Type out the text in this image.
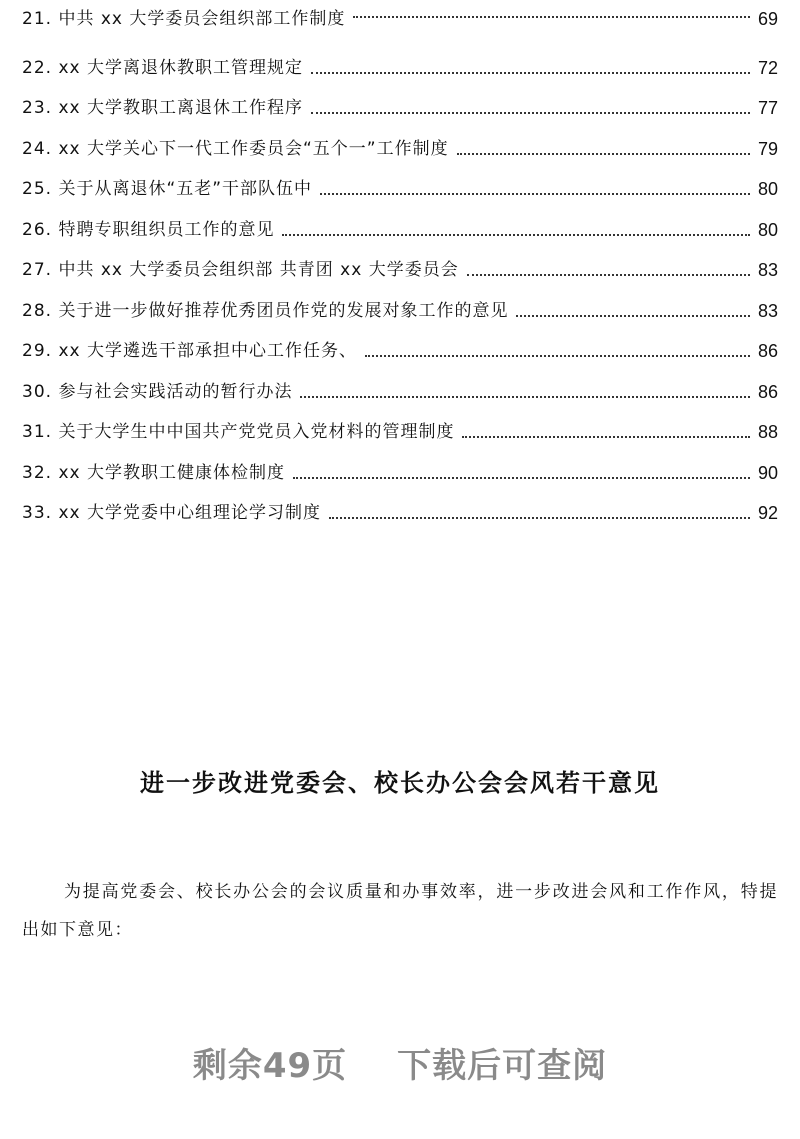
21. 中共 xx 大学委员会组织部工作制度	69
22. xx 大学离退休教职工管理规定	72
23. xx 大学教职工离退休工作程序	77
24. xx 大学关心下一代工作委员会“五个一”工作制度	79
25. 关于从离退休“五老”干部队伍中	80
26. 特聘专职组织员工作的意见	80
27. 中共 xx 大学委员会组织部 共青团 xx 大学委员会	83
28. 关于进一步做好推荐优秀团员作党的发展对象工作的意见	83
29. xx 大学遴选干部承担中心工作任务、	86
30. 参与社会实践活动的暂行办法	86
31. 关于大学生中中国共产党党员入党材料的管理制度	88
32. xx 大学教职工健康体检制度	90
33. xx 大学党委中心组理论学习制度	92
进一步改进党委会、校长办公会会风若干意见

为提高党委会、校长办公会的会议质量和办事效率，进一步改进会风和工作作风，特提出如下意见：

剩余49页 下载后可查阅
